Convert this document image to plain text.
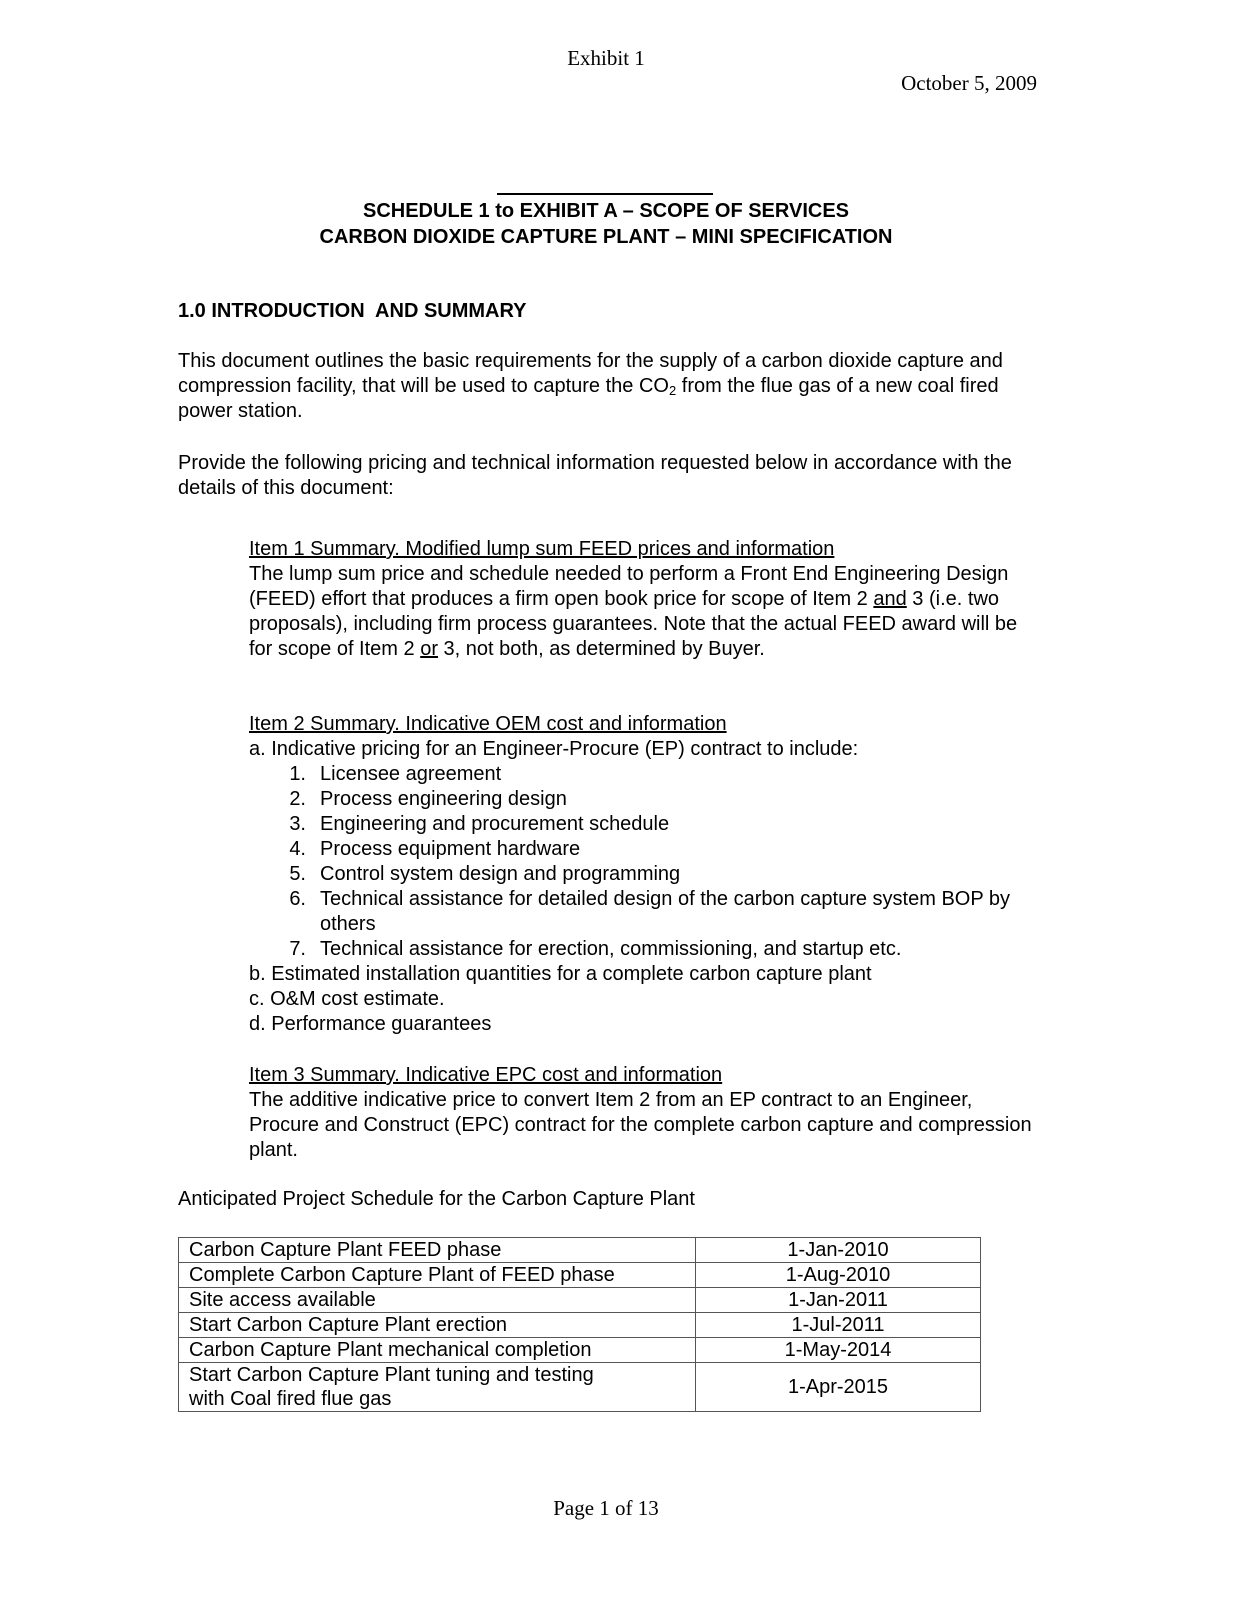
Exhibit 1
October 5, 2009
SCHEDULE 1 to EXHIBIT A – SCOPE OF SERVICES
CARBON DIOXIDE CAPTURE PLANT – MINI SPECIFICATION
1.0 INTRODUCTION  AND SUMMARY
This document outlines the basic requirements for the supply of a carbon dioxide capture and compression facility, that will be used to capture the $CO_2$ from the flue gas of a new coal fired power station.
Provide the following pricing and technical information requested below in accordance with the details of this document:
Item 1 Summary. Modified lump sum FEED prices and information
The lump sum price and schedule needed to perform a Front End Engineering Design (FEED) effort that produces a firm open book price for scope of Item 2 and 3 (i.e. two proposals), including firm process guarantees. Note that the actual FEED award will be for scope of Item 2 or 3, not both, as determined by Buyer.
Item 2 Summary. Indicative OEM cost and information
a. Indicative pricing for an Engineer-Procure (EP) contract to include:
1. Licensee agreement
2. Process engineering design
3. Engineering and procurement schedule
4. Process equipment hardware
5. Control system design and programming
6. Technical assistance for detailed design of the carbon capture system BOP by others
7. Technical assistance for erection, commissioning, and startup etc.
b. Estimated installation quantities for a complete carbon capture plant
c. O&M cost estimate.
d. Performance guarantees
Item 3 Summary. Indicative EPC cost and information
The additive indicative price to convert Item 2 from an EP contract to an Engineer, Procure and Construct (EPC) contract for the complete carbon capture and compression plant.
Anticipated Project Schedule for the Carbon Capture Plant
Carbon Capture Plant FEED phase	1-Jan-2010
Complete Carbon Capture Plant of FEED phase	1-Aug-2010
Site access available	1-Jan-2011
Start Carbon Capture Plant erection	1-Jul-2011
Carbon Capture Plant mechanical completion	1-May-2014

Start Carbon Capture Plant tuning and testing
with Coal fired flue gas	1-Apr-2015
Page 1 of 13
